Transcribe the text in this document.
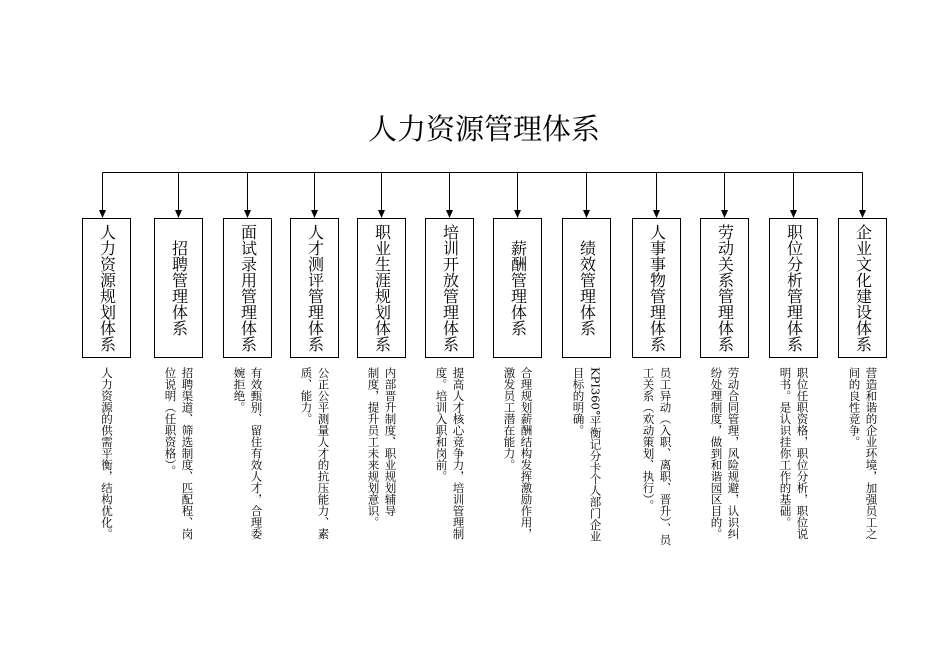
人力资源管理体系
人力资源规划体系
人力资源的供需平衡，结构优化。
招聘管理体系
招聘渠道、筛选制度、匹配程、岗
位说明（任职资格）。
面试录用管理体系
有效甄别、留住有效人才，合理委
婉拒绝。
人才测评管理体系
公正公平测量人才的抗压能力、素
质、能力。
职业生涯规划体系
内部晋升制度、职业规划辅导
制度，提升员工未来规划意识。
培训开放管理体系
提高人才核心竞争力，培训管理制
度。培训入职和岗前。
薪酬管理体系
合理规划薪酬结构发挥激励作用，
激发员工潜在能力。
绩效管理体系
KPI360°平衡记分卡个人部门企业
目标的明确。
人事事物管理体系
员工异动（入职、离职、晋升）、员
工关系（欢动策划、执行）。
劳动关系管理体系
劳动合同管理，风险规避，认识纠
纷处理制度，做到和谐园区目的。
职位分析管理体系
职位任职资格，职位分析，职位说
明书。是认识挂你工作的基础。
企业文化建设体系
营造和谐的企业环境，加强员工之
间的良性竞争。
